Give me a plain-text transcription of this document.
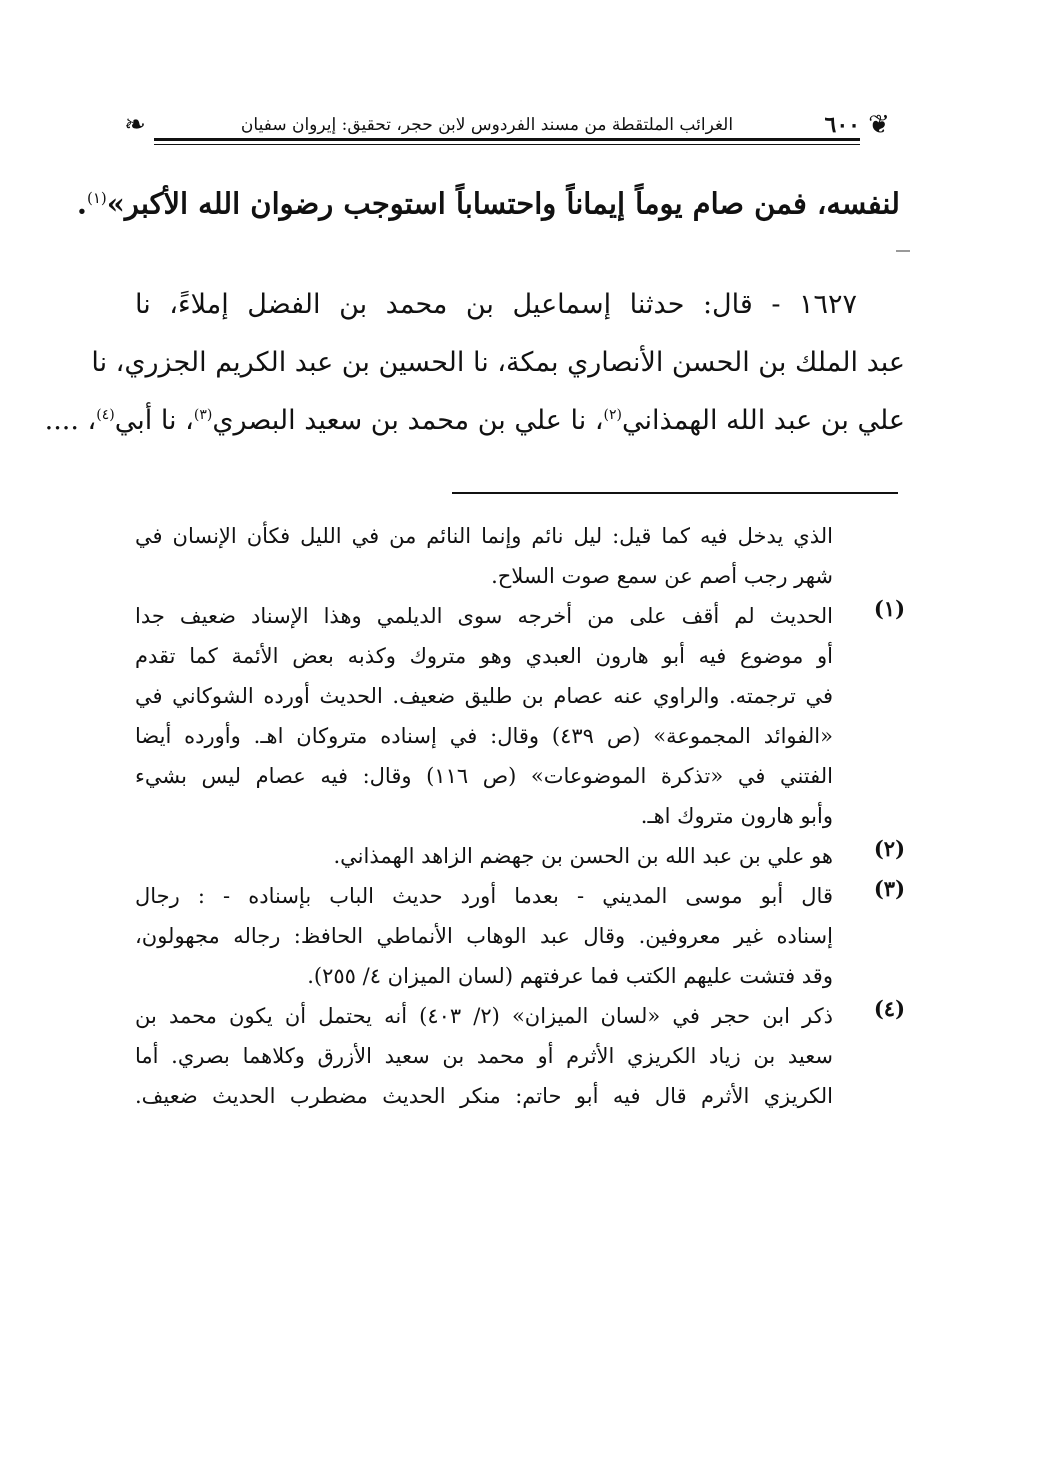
❦
٦٠٠
الغرائب الملتقطة من مسند الفردوس لابن حجر، تحقيق: إيروان سفيان
❧
لنفسه، فمن صام يوماً إيماناً واحتساباً استوجب رضوان الله الأكبر»$^{(١)}$.
١٦٢٧ - قال: حدثنا إسماعيل بن محمد بن الفضل إملاءً، نا
عبد الملك بن الحسن الأنصاري بمكة، نا الحسين بن عبد الكريم الجزري، نا
علي بن عبد الله الهمذاني$^{(٢)}$، نا علي بن محمد بن سعيد البصري$^{(٣)}$، نا أبي$^{(٤)}$، ....
الذي يدخل فيه كما قيل: ليل نائم وإنما النائم من في الليل فكأن الإنسان في
شهر رجب أصم عن سمع صوت السلاح.
(١)
الحديث لم أقف على من أخرجه سوى الديلمي وهذا الإسناد ضعيف جدا
أو موضوع فيه أبو هارون العبدي وهو متروك وكذبه بعض الأئمة كما تقدم
في ترجمته. والراوي عنه عصام بن طليق ضعيف. الحديث أورده الشوكاني في
«الفوائد المجموعة» (ص ٤٣٩) وقال: في إسناده متروكان اهـ. وأورده أيضا
الفتني في «تذكرة الموضوعات» (ص ١١٦) وقال: فيه عصام ليس بشيء
وأبو هارون متروك اهـ.
(٢)
هو علي بن عبد الله بن الحسن بن جهضم الزاهد الهمذاني.
(٣)
قال أبو موسى المديني - بعدما أورد حديث الباب بإسناده - : رجال
إسناده غير معروفين. وقال عبد الوهاب الأنماطي الحافظ: رجاله مجهولون،
وقد فتشت عليهم الكتب فما عرفتهم (لسان الميزان ٤/ ٢٥٥).
(٤)
ذكر ابن حجر في «لسان الميزان» (٢/ ٤٠٣) أنه يحتمل أن يكون محمد بن
سعيد بن زياد الكريزي الأثرم أو محمد بن سعيد الأزرق وكلاهما بصري. أما
الكريزي الأثرم قال فيه أبو حاتم: منكر الحديث مضطرب الحديث ضعيف.
